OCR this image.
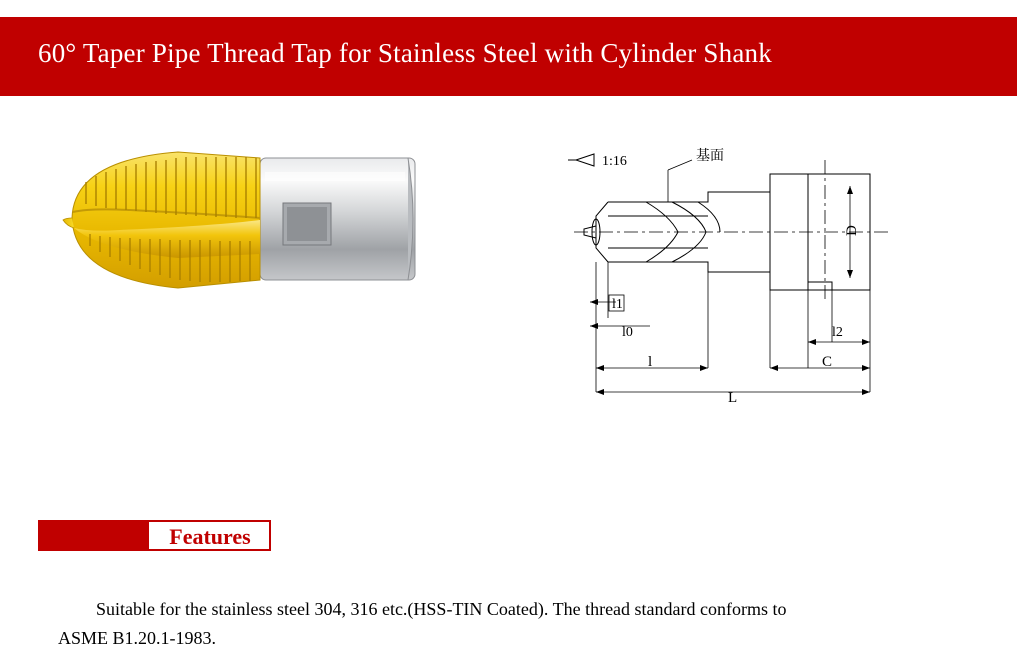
60° Taper Pipe Thread Tap for Stainless Steel with Cylinder Shank
1:16	基面
l1
l0
l
l2
C
L
D
Features
Suitable for the stainless steel 304, 316 etc.(HSS-TIN Coated). The thread standard conforms to
ASME B1.20.1-1983.
